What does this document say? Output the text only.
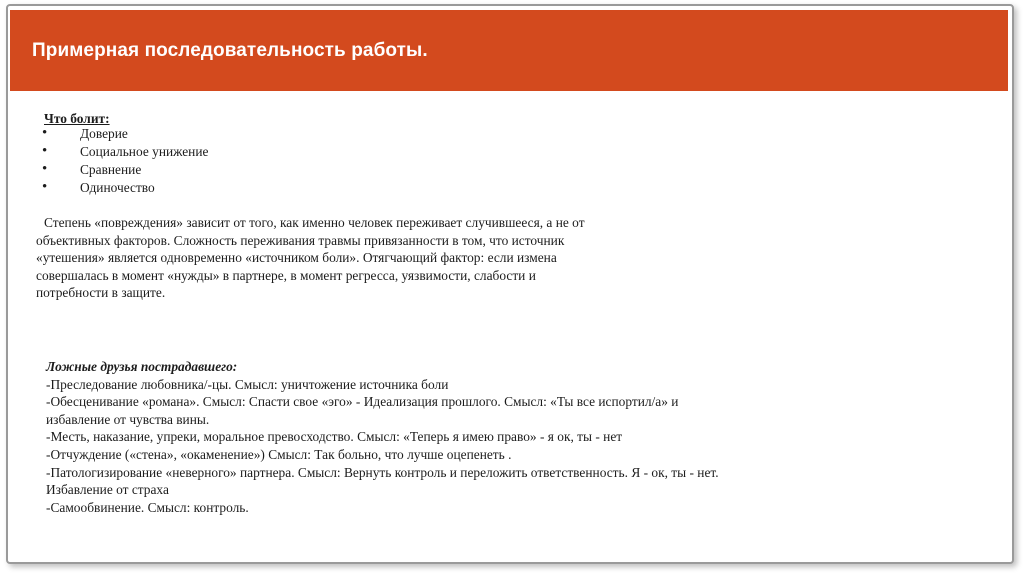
Примерная последовательность работы.

Что болит:

• Доверие
• Социальное унижение
• Сравнение
• Одиночество

Степень «повреждения» зависит от того, как именно человек переживает случившееся, а не от объективных факторов. Сложность переживания травмы привязанности в том, что источник «утешения» является одновременно «источником боли». Отягчающий фактор: если измена совершалась в момент «нужды» в партнере, в момент регресса, уязвимости, слабости и потребности в защите.

Ложные друзья пострадавшего:

-Преследование любовника/-цы. Смысл: уничтожение источника боли
-Обесценивание «романа». Смысл: Спасти свое «эго» - Идеализация прошлого. Смысл: «Ты все испортил/а» и избавление от чувства вины.
-Месть, наказание, упреки, моральное превосходство. Смысл: «Теперь я имею право» - я ок, ты - нет
-Отчуждение («стена», «окаменение») Смысл: Так больно, что лучше оцепенеть .
-Патологизирование «неверного» партнера. Смысл: Вернуть контроль и переложить ответственность. Я - ок, ты - нет. Избавление от страха
-Самообвинение. Смысл: контроль.
